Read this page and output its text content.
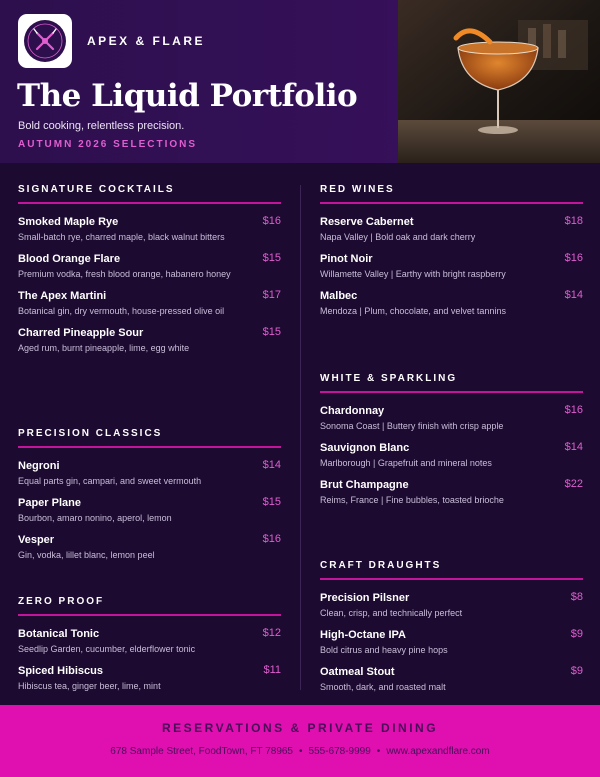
APEX & FLARE
The Liquid Portfolio
Bold cooking, relentless precision.
AUTUMN 2026 SELECTIONS
SIGNATURE COCKTAILS
Smoked Maple Rye	$16
Small-batch rye, charred maple, black walnut bitters
Blood Orange Flare	$15
Premium vodka, fresh blood orange, habanero honey
The Apex Martini	$17
Botanical gin, dry vermouth, house-pressed olive oil
Charred Pineapple Sour	$15
Aged rum, burnt pineapple, lime, egg white
PRECISION CLASSICS
Negroni	$14
Equal parts gin, campari, and sweet vermouth
Paper Plane	$15
Bourbon, amaro nonino, aperol, lemon
Vesper	$16
Gin, vodka, lillet blanc, lemon peel
ZERO PROOF
Botanical Tonic	$12
Seedlip Garden, cucumber, elderflower tonic
Spiced Hibiscus	$11
Hibiscus tea, ginger beer, lime, mint
RED WINES
Reserve Cabernet	$18
Napa Valley | Bold oak and dark cherry
Pinot Noir	$16
Willamette Valley | Earthy with bright raspberry
Malbec	$14
Mendoza | Plum, chocolate, and velvet tannins
WHITE & SPARKLING
Chardonnay	$16
Sonoma Coast | Buttery finish with crisp apple
Sauvignon Blanc	$14
Marlborough | Grapefruit and mineral notes
Brut Champagne	$22
Reims, France | Fine bubbles, toasted brioche
CRAFT DRAUGHTS
Precision Pilsner	$8
Clean, crisp, and technically perfect
High-Octane IPA	$9
Bold citrus and heavy pine hops
Oatmeal Stout	$9
Smooth, dark, and roasted malt
RESERVATIONS & PRIVATE DINING
678 Sample Street, FoodTown, FT 78965 • 555-678-9999 • www.apexandflare.com
